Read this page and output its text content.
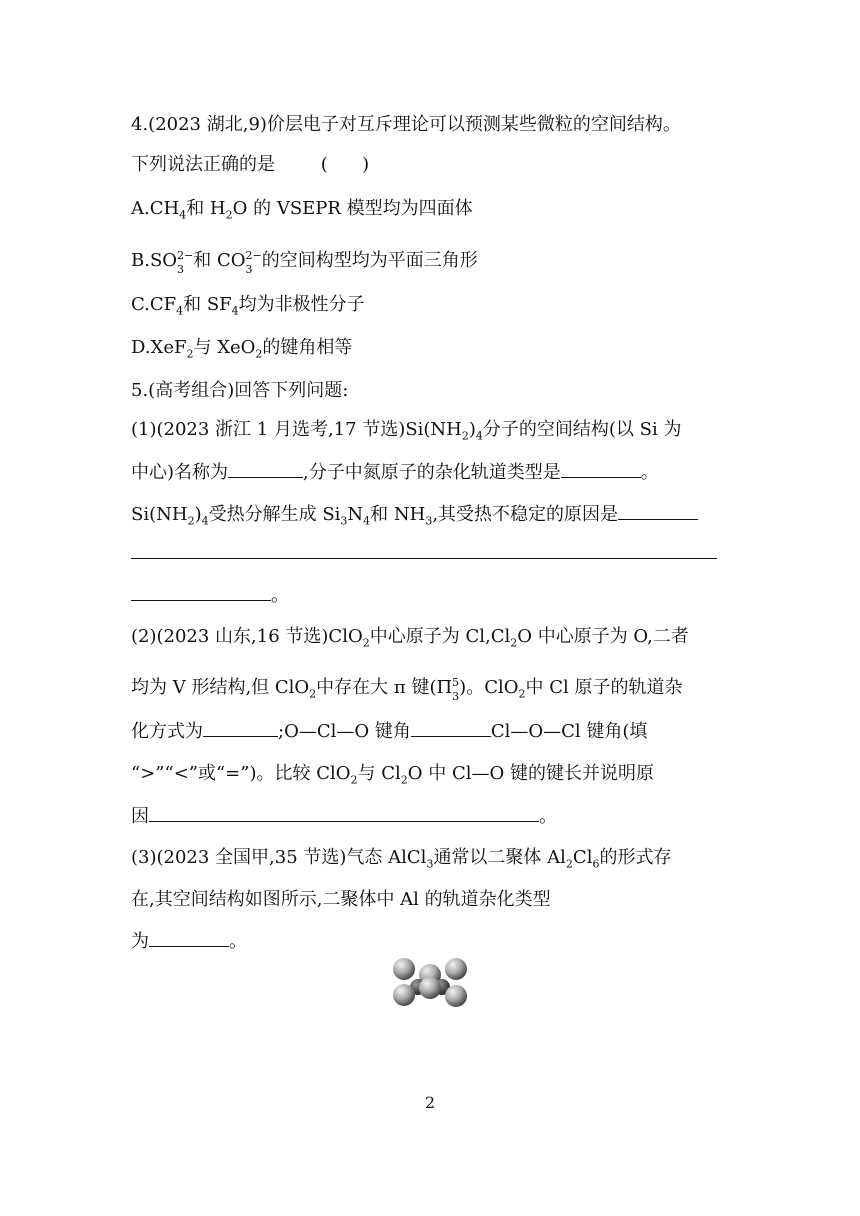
4.(2023 湖北,9)价层电子对互斥理论可以预测某些微粒的空间结构。
下列说法正确的是        (      )
$A.CH_4$和 $H_2O$ 的 VSEPR 模型均为四面体
$B.SO^{2-}$
3 和 $CO^{2-}$
3 的空间构型均为平面三角形
$C.CF_4$和 $SF_4$均为非极性分子
D.XeF$_2$与 XeO$_2$的键角相等
5.(高考组合)回答下列问题:
(1)(2023 浙江 1 月选考,17 节选)$Si(NH_2)_4$分子的空间结构(以 Si 为
中心)名称为	,分子中氮原子的杂化轨道类型是	。
$Si(NH_2)_4$受热分解生成 $Si_3N_4$和 $NH_3$,其受热不稳定的原因是
。
(2)(2023 山东,16 节选)ClO$_2$中心原子为 $Cl,Cl_2O$ 中心原子为 O,二者
均为 V 形结构,但 ClO$_2$中存在大 π 键($\Pi^5$
3 )。ClO$_2$中 Cl 原子的轨道杂
化方式为	;O—Cl—O 键角	Cl—O—Cl 键角(填
“>”“<”或“=”)。比较 ClO$_2$与 $Cl_2O$ 中 Cl—O 键的键长并说明原
因	。
(3)(2023 全国甲,35 节选)气态 AlCl$_3$通常以二聚体 $Al_2Cl_6$的形式存
在,其空间结构如图所示,二聚体中 Al 的轨道杂化类型
为	。
2
